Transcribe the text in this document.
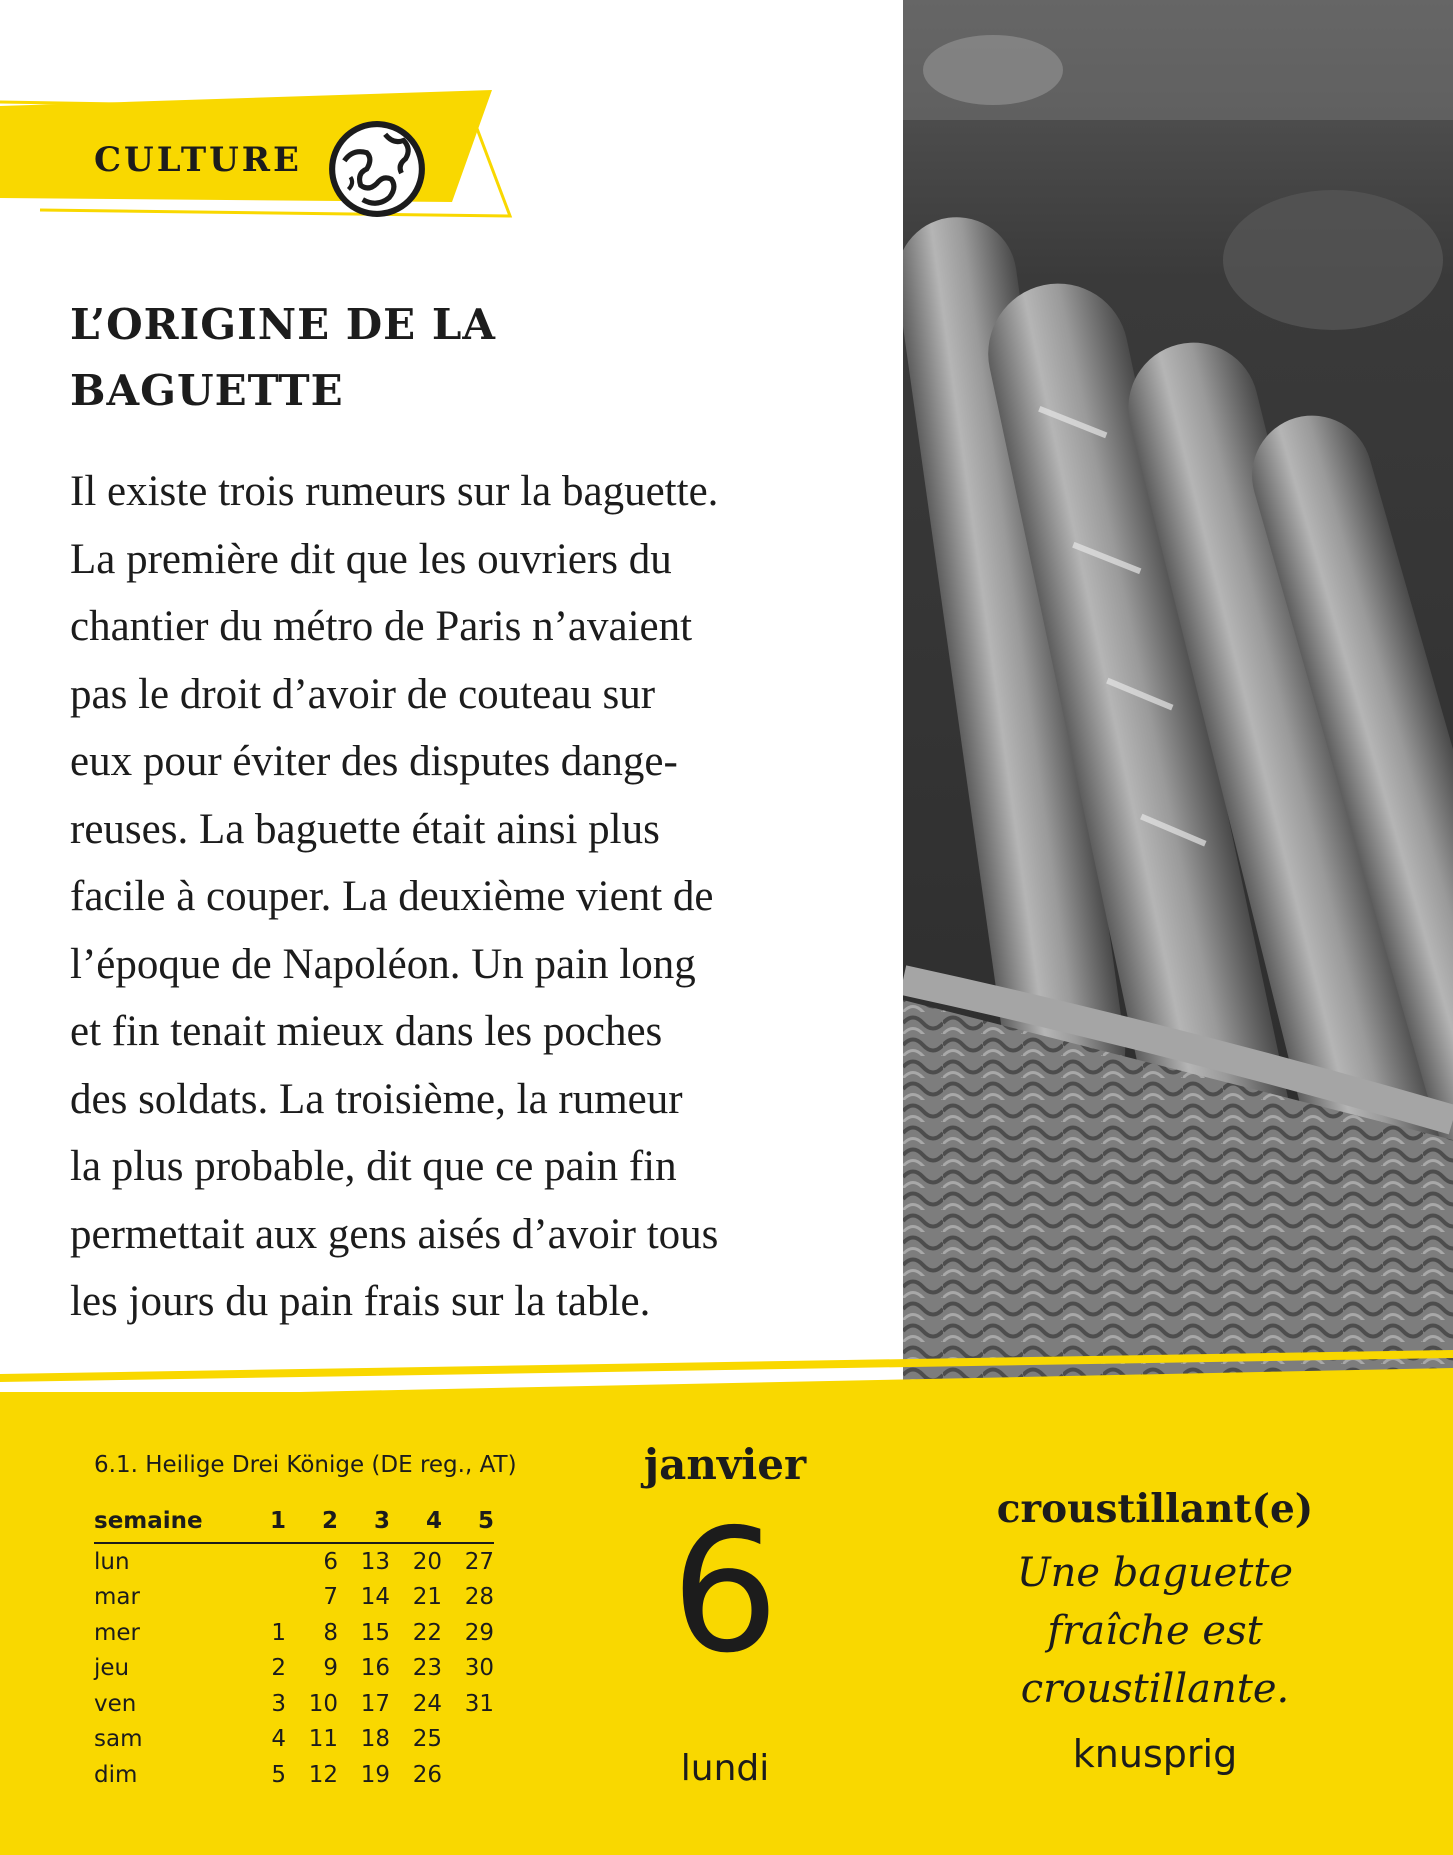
CULTURE
L’ORIGINE DE LA
BAGUETTE
Il existe trois rumeurs sur la baguette.
La première dit que les ouvriers du
chantier du métro de Paris n’avaient
pas le droit d’avoir de couteau sur
eux pour éviter des disputes dange-
reuses. La baguette était ainsi plus
facile à couper. La deuxième vient de
l’époque de Napoléon. Un pain long
et fin tenait mieux dans les poches
des soldats. La troisième, la rumeur
la plus probable, dit que ce pain fin
permettait aux gens aisés d’avoir tous
les jours du pain frais sur la table.
6.1. Heilige Drei Könige (DE reg., AT)
semaine	1	2	3	4	5
lun		6	13	20	27
mar		7	14	21	28
mer	1	8	15	22	29
jeu	2	9	16	23	30
ven	3	10	17	24	31
sam	4	11	18	25	
dim	5	12	19	26	
janvier
6
lundi
croustillant(e)
Une baguette
fraîche est
croustillante.
knusprig
